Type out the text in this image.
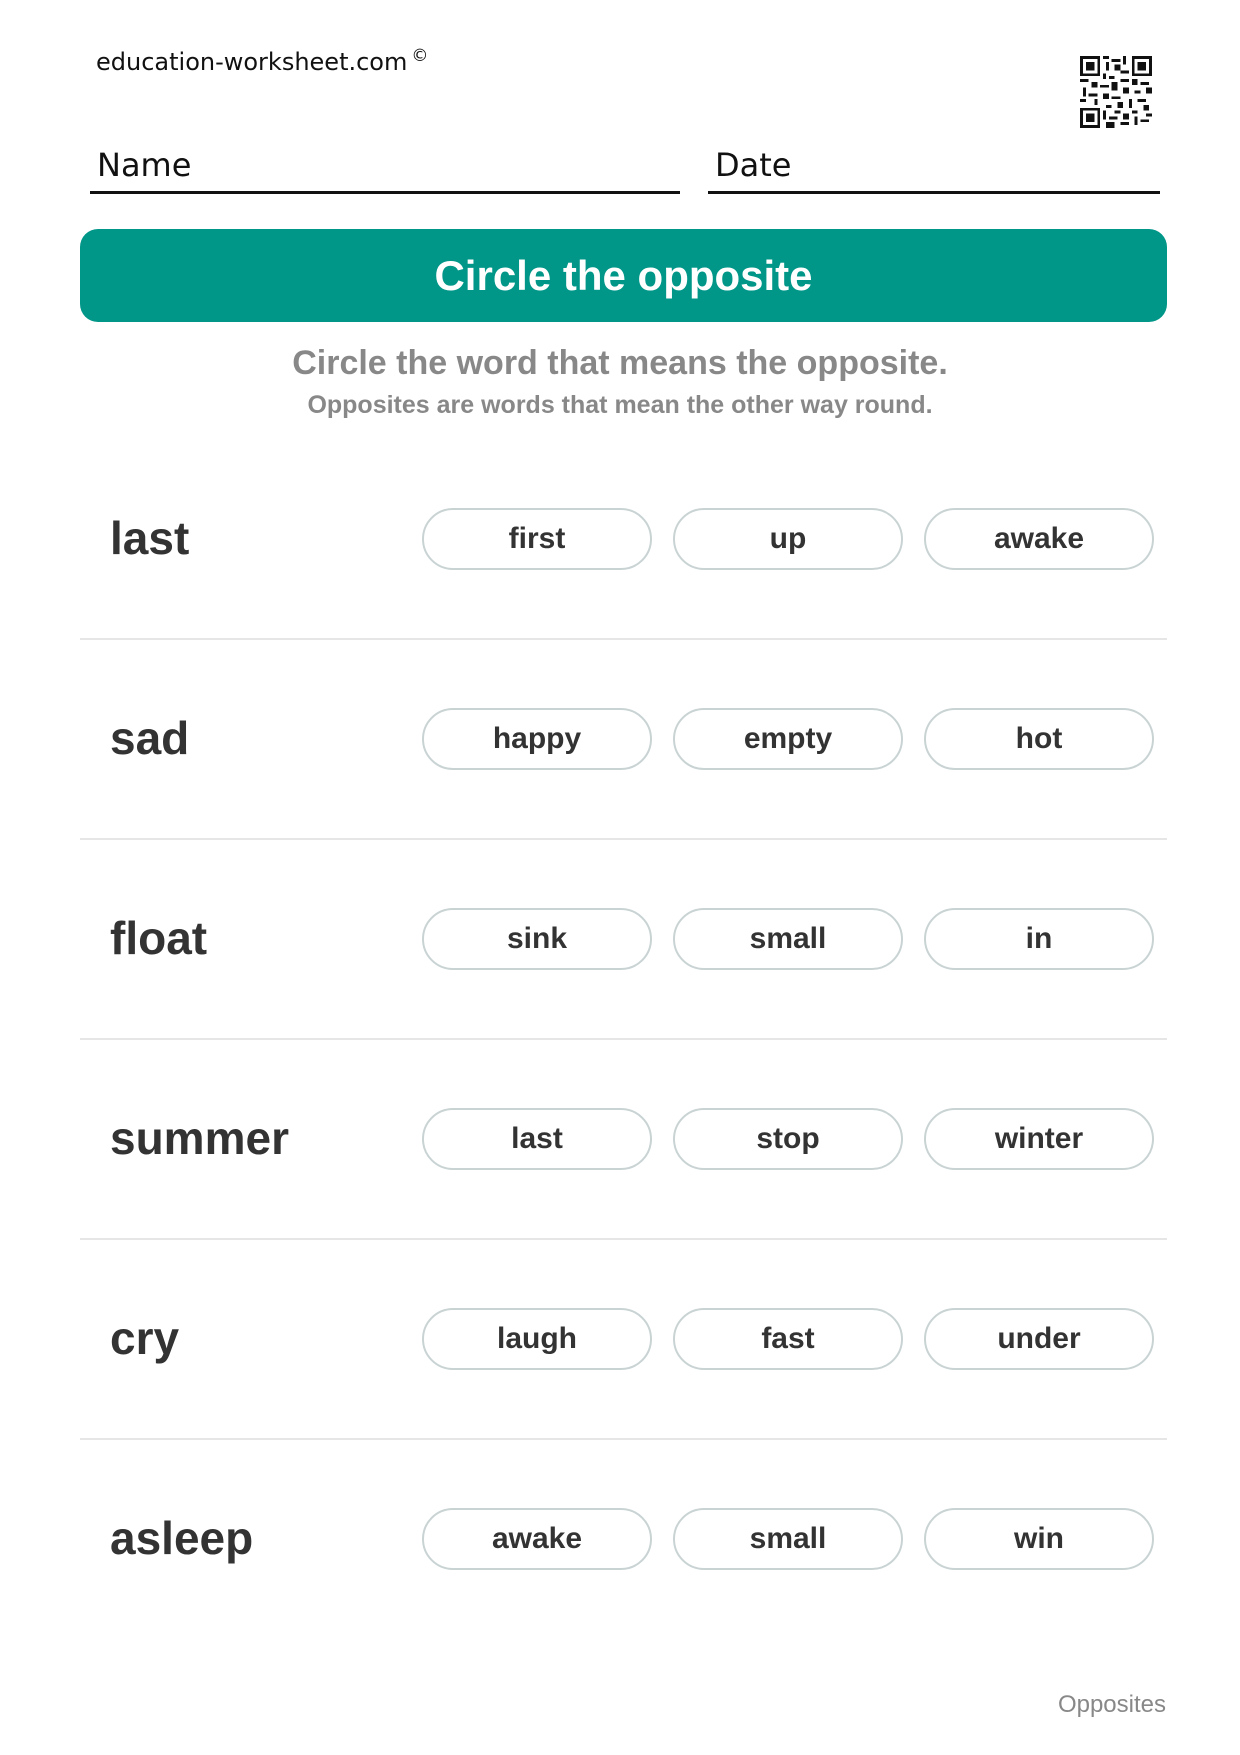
education-worksheet.com ©
Name	Date
Circle the opposite
Circle the word that means the opposite.
Opposites are words that mean the other way round.
last	first	up	awake
sad	happy	empty	hot
float	sink	small	in
summer	last	stop	winter
cry	laugh	fast	under
asleep	awake	small	win
Opposites
